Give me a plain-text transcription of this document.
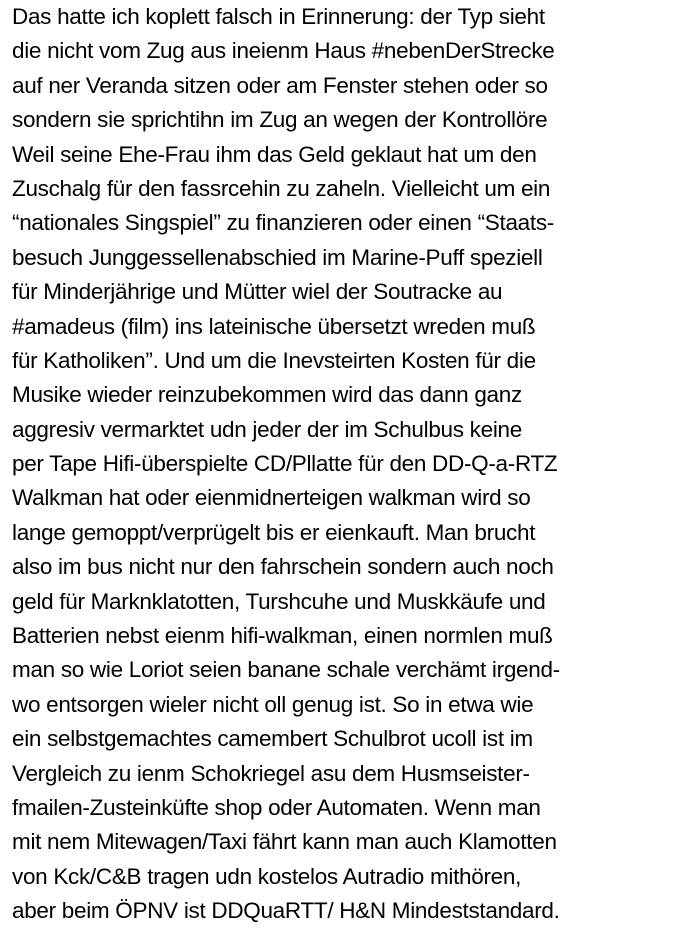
Das hatte ich koplett falsch in Erinnerung: der Typ sieht
die nicht vom Zug aus ineienm Haus #nebenDerStrecke
auf ner Veranda sitzen oder am Fenster stehen oder so
sondern sie sprichtihn im Zug an wegen der Kontrollöre
Weil seine Ehe-Frau ihm das Geld geklaut hat um den
Zuschalg für den fassrcehin zu zaheln. Vielleicht um ein
“nationales Singspiel” zu finanzieren oder einen “Staats-
besuch Junggessellenabschied im Marine-Puff speziell
für Minderjährige und Mütter wiel der Soutracke au
#amadeus (film) ins lateinische übersetzt wreden muß
für Katholiken”. Und um die Inevsteirten Kosten für die
Musike wieder reinzubekommen wird das dann ganz
aggresiv vermarktet udn jeder der im Schulbus keine
per Tape Hifi-überspielte CD/Pllatte für den DD-Q-a-RTZ
Walkman hat oder eienmidnerteigen walkman wird so
lange gemoppt/verprügelt bis er eienkauft. Man brucht
also im bus nicht nur den fahrschein sondern auch noch
geld für Marknklatotten, Turshcuhe und Muskkäufe und
Batterien nebst eienm hifi-walkman, einen normlen muß
man so wie Loriot seien banane schale verchämt irgend-
wo entsorgen wieler nicht oll genug ist. So in etwa wie
ein selbstgemachtes camembert Schulbrot ucoll ist im
Vergleich zu ienm Schokriegel asu dem Husmseister-
fmailen-Zusteinküfte shop oder Automaten. Wenn man
mit nem Mitewagen/Taxi fährt kann man auch Klamotten
von Kck/C&B tragen udn kostelos Autradio mithören,
aber beim ÖPNV ist DDQuaRTT/ H&N Mindeststandard.
